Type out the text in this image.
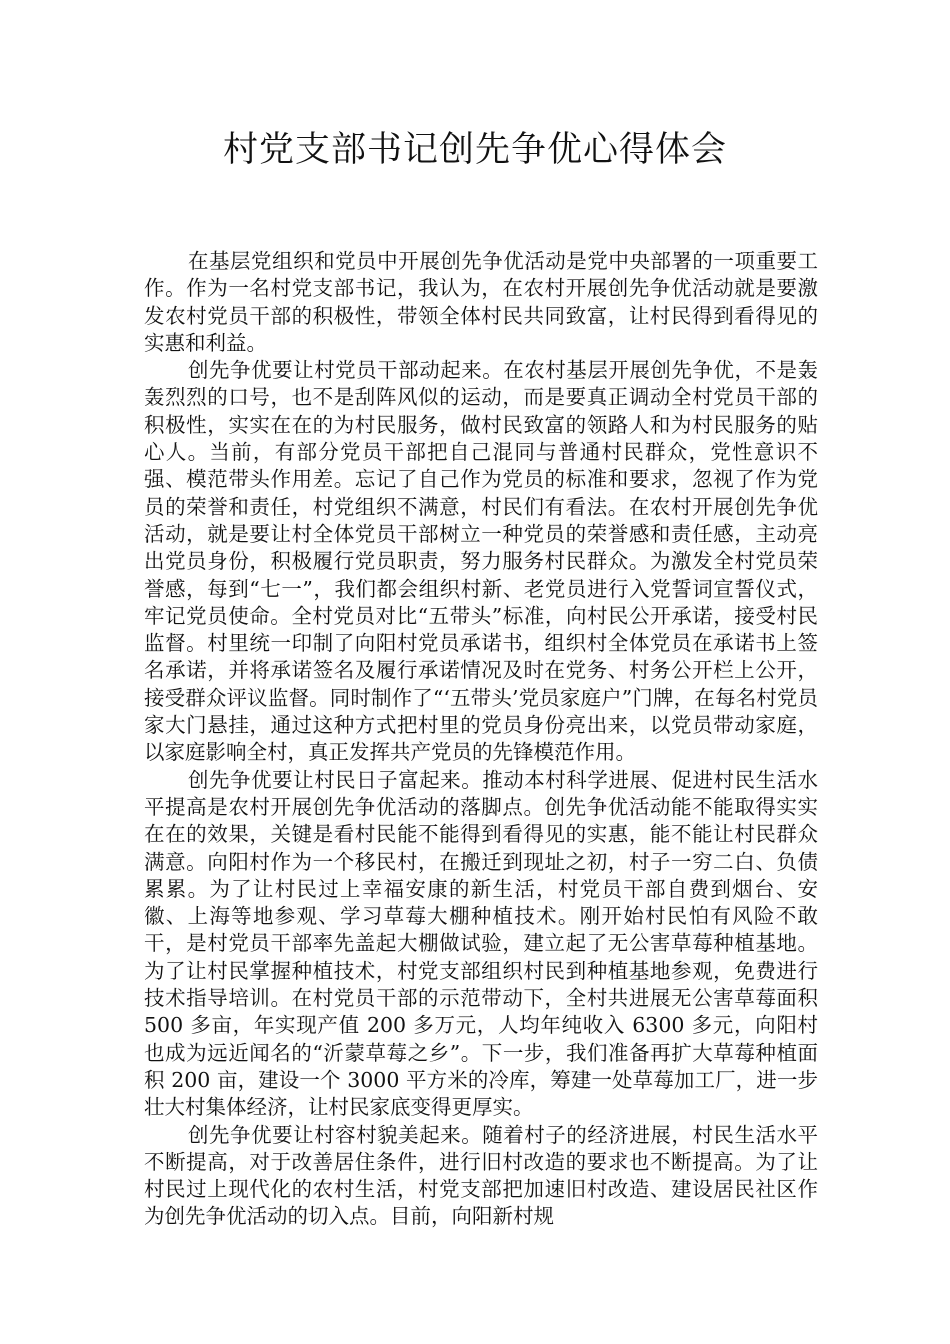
村党支部书记创先争优心得体会

在基层党组织和党员中开展创先争优活动是党中央部署的一项重要工作。作为一名村党支部书记，我认为，在农村开展创先争优活动就是要激发农村党员干部的积极性，带领全体村民共同致富，让村民得到看得见的实惠和利益。

创先争优要让村党员干部动起来。在农村基层开展创先争优，不是轰轰烈烈的口号，也不是刮阵风似的运动，而是要真正调动全村党员干部的积极性，实实在在的为村民服务，做村民致富的领路人和为村民服务的贴心人。当前，有部分党员干部把自己混同与普通村民群众，党性意识不强、模范带头作用差。忘记了自己作为党员的标准和要求，忽视了作为党员的荣誉和责任，村党组织不满意，村民们有看法。在农村开展创先争优活动，就是要让村全体党员干部树立一种党员的荣誉感和责任感，主动亮出党员身份，积极履行党员职责，努力服务村民群众。为激发全村党员荣誉感，每到“七一”，我们都会组织村新、老党员进行入党誓词宣誓仪式，牢记党员使命。全村党员对比“五带头”标准，向村民公开承诺，接受村民监督。村里统一印制了向阳村党员承诺书，组织村全体党员在承诺书上签名承诺，并将承诺签名及履行承诺情况及时在党务、村务公开栏上公开，接受群众评议监督。同时制作了“‘五带头’党员家庭户”门牌，在每名村党员家大门悬挂，通过这种方式把村里的党员身份亮出来，以党员带动家庭，以家庭影响全村，真正发挥共产党员的先锋模范作用。

创先争优要让村民日子富起来。推动本村科学进展、促进村民生活水平提高是农村开展创先争优活动的落脚点。创先争优活动能不能取得实实在在的效果，关键是看村民能不能得到看得见的实惠，能不能让村民群众满意。向阳村作为一个移民村，在搬迁到现址之初，村子一穷二白、负债累累。为了让村民过上幸福安康的新生活，村党员干部自费到烟台、安徽、上海等地参观、学习草莓大棚种植技术。刚开始村民怕有风险不敢干，是村党员干部率先盖起大棚做试验，建立起了无公害草莓种植基地。为了让村民掌握种植技术，村党支部组织村民到种植基地参观，免费进行技术指导培训。在村党员干部的示范带动下，全村共进展无公害草莓面积 500 多亩，年实现产值 200 多万元，人均年纯收入 6300 多元，向阳村也成为远近闻名的“沂蒙草莓之乡”。下一步，我们准备再扩大草莓种植面积 200 亩，建设一个 3000 平方米的冷库，筹建一处草莓加工厂，进一步壮大村集体经济，让村民家底变得更厚实。

创先争优要让村容村貌美起来。随着村子的经济进展，村民生活水平不断提高，对于改善居住条件，进行旧村改造的要求也不断提高。为了让村民过上现代化的农村生活，村党支部把加速旧村改造、建设居民社区作为创先争优活动的切入点。目前，向阳新村规
